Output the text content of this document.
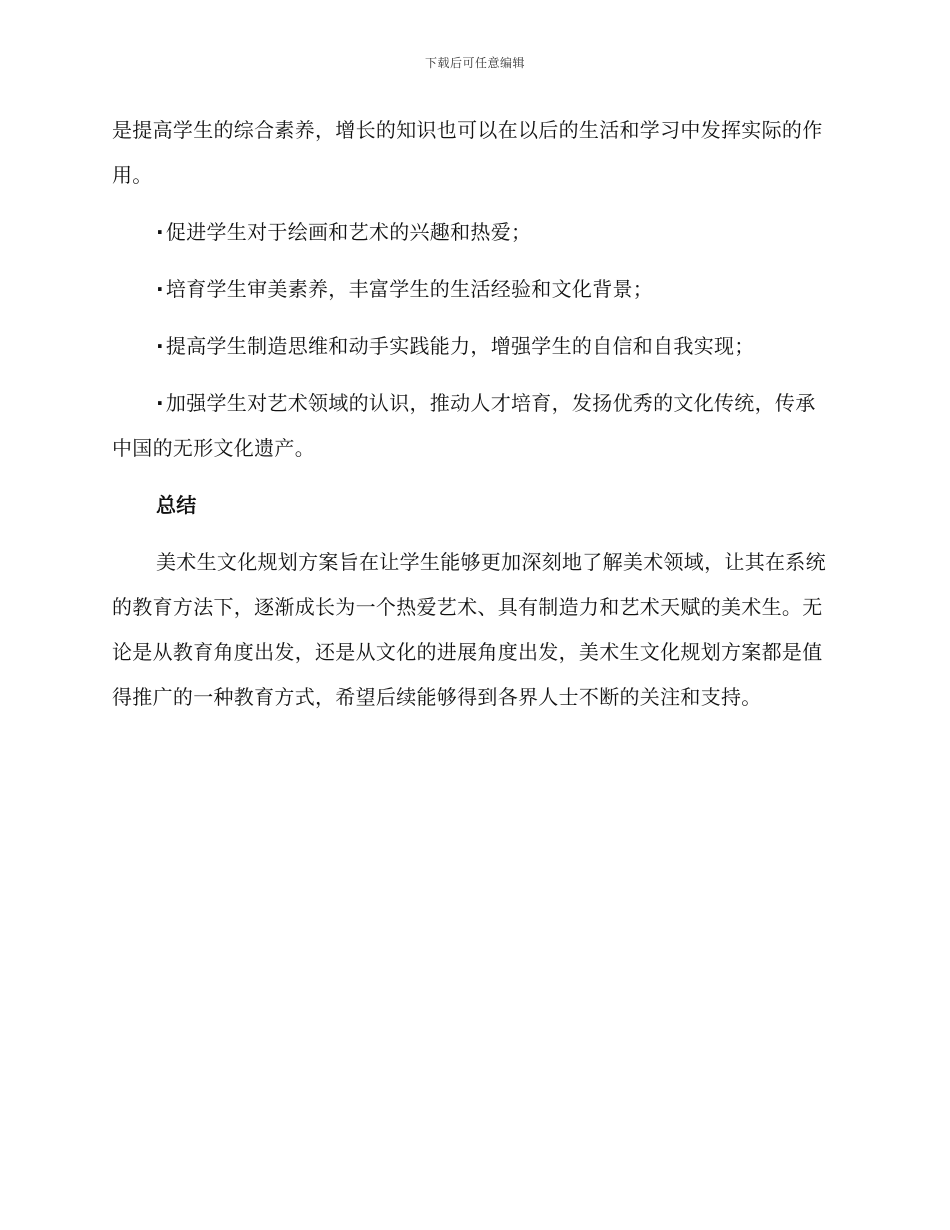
下载后可任意编辑

是提高学生的综合素养，增长的知识也可以在以后的生活和学习中发挥实际的作用。

· 促进学生对于绘画和艺术的兴趣和热爱；

· 培育学生审美素养，丰富学生的生活经验和文化背景；

· 提高学生制造思维和动手实践能力，增强学生的自信和自我实现；

· 加强学生对艺术领域的认识，推动人才培育，发扬优秀的文化传统，传承中国的无形文化遗产。

总结

美术生文化规划方案旨在让学生能够更加深刻地了解美术领域，让其在系统的教育方法下，逐渐成长为一个热爱艺术、具有制造力和艺术天赋的美术生。无论是从教育角度出发，还是从文化的进展角度出发，美术生文化规划方案都是值得推广的一种教育方式，希望后续能够得到各界人士不断的关注和支持。
